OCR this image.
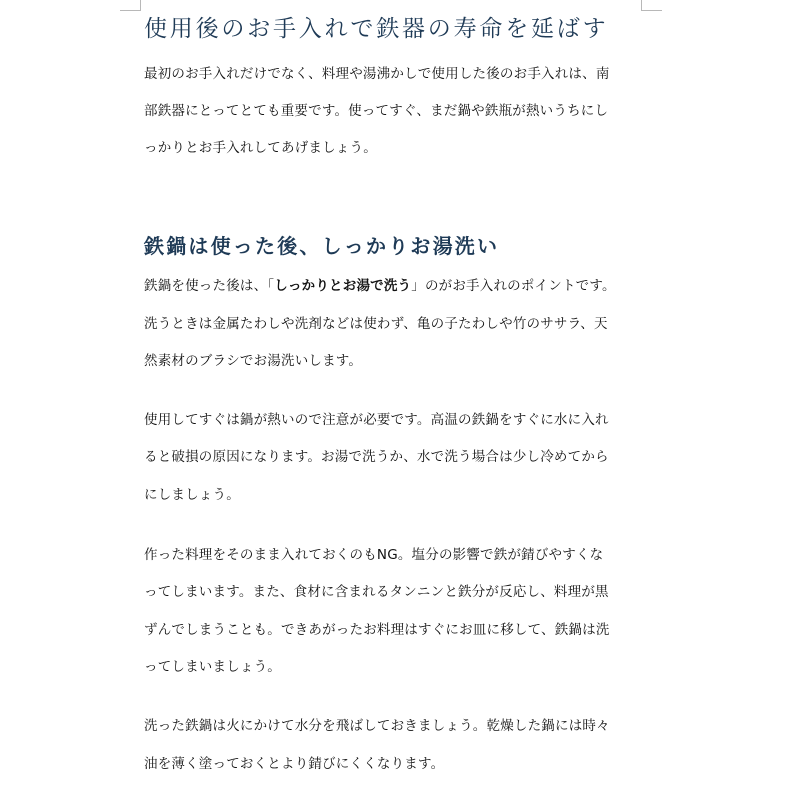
使用後のお手入れで鉄器の寿命を延ばす
最初のお手入れだけでなく、料理や湯沸かしで使用した後のお手入れは、南
部鉄器にとってとても重要です。使ってすぐ、まだ鍋や鉄瓶が熱いうちにし
っかりとお手入れしてあげましょう。
鉄鍋は使った後、しっかりお湯洗い
鉄鍋を使った後は、「しっかりとお湯で洗う」のがお手入れのポイントです。
洗うときは金属たわしや洗剤などは使わず、亀の子たわしや竹のササラ、天
然素材のブラシでお湯洗いします。
使用してすぐは鍋が熱いので注意が必要です。高温の鉄鍋をすぐに水に入れ
ると破損の原因になります。お湯で洗うか、水で洗う場合は少し冷めてから
にしましょう。
作った料理をそのまま入れておくのもNG。塩分の影響で鉄が錆びやすくな
ってしまいます。また、食材に含まれるタンニンと鉄分が反応し、料理が黒
ずんでしまうことも。できあがったお料理はすぐにお皿に移して、鉄鍋は洗
ってしまいましょう。
洗った鉄鍋は火にかけて水分を飛ばしておきましょう。乾燥した鍋には時々
油を薄く塗っておくとより錆びにくくなります。
